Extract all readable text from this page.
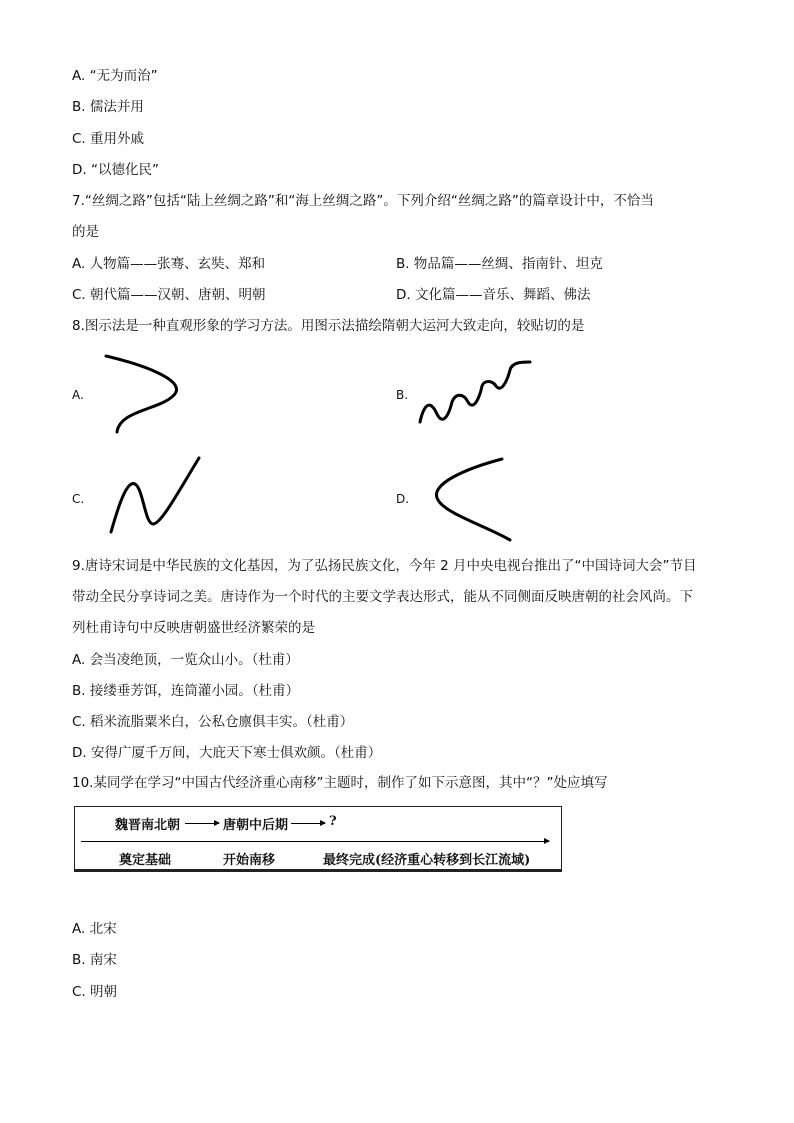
A. “无为而治”
B. 儒法并用
C. 重用外戚
D. “以德化民”
7.“丝绸之路”包括“陆上丝绸之路”和“海上丝绸之路”。下列介绍“丝绸之路”的篇章设计中，不恰当
的是
A. 人物篇——张骞、玄奘、郑和	B. 物品篇——丝绸、指南针、坦克
C. 朝代篇——汉朝、唐朝、明朝	D. 文化篇——音乐、舞蹈、佛法
8.图示法是一种直观形象的学习方法。用图示法描绘隋朝大运河大致走向，较贴切的是
A.	B.
C.	D.
9.唐诗宋词是中华民族的文化基因，为了弘扬民族文化，今年 2 月中央电视台推出了“中国诗词大会”节目
带动全民分享诗词之美。唐诗作为一个时代的主要文学表达形式，能从不同侧面反映唐朝的社会风尚。下
列杜甫诗句中反映唐朝盛世经济繁荣的是
A. 会当凌绝顶，一览众山小。（杜甫）
B. 接缕垂芳饵，连筒灌小园。（杜甫）
C. 稻米流脂粟米白，公私仓廪俱丰实。（杜甫）
D. 安得广厦千万间，大庇天下寒士俱欢颜。（杜甫）
10.某同学在学习“中国古代经济重心南移”主题时，制作了如下示意图，其中“？”处应填写
魏晋南北朝	唐朝中后期	?
奠定基础	开始南移	最终完成(经济重心转移到长江流域)
A. 北宋
B. 南宋
C. 明朝
